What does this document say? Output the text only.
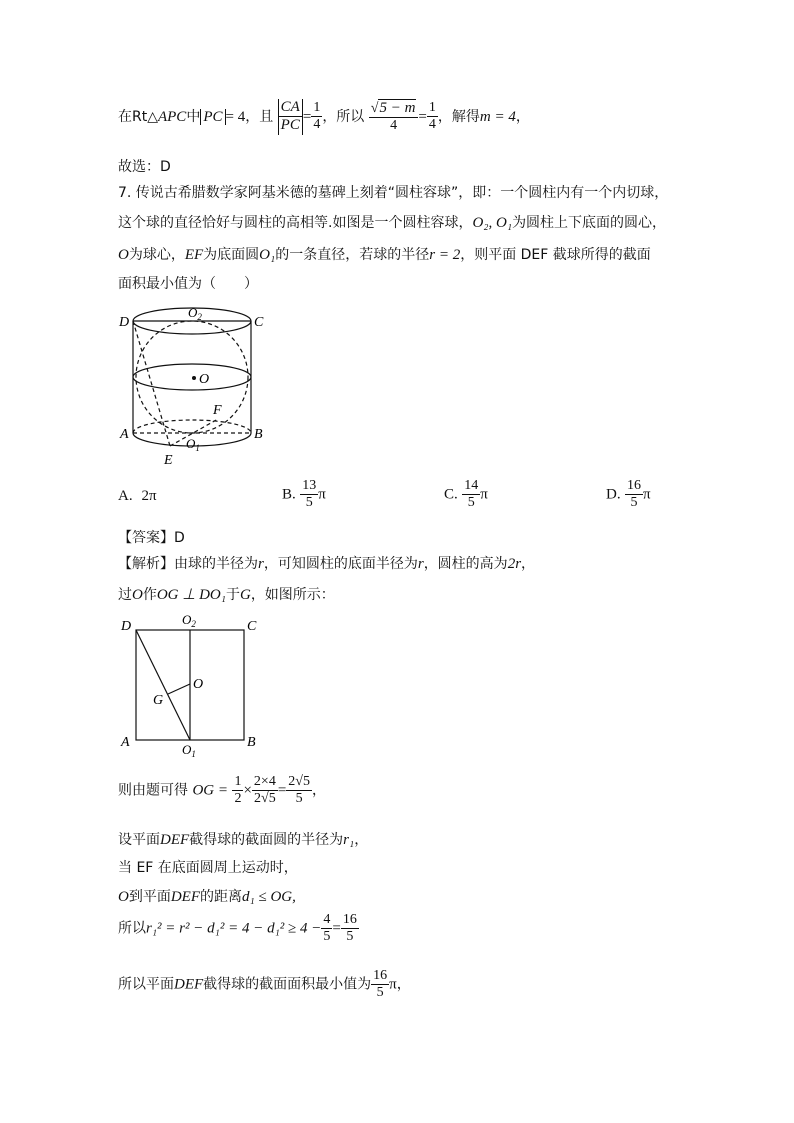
在Rt△APC中 PC = 4，且 $\frac{CA}{PC} = \frac{1}{4}$ ，所以 $\frac{√5 - m}{4} = \frac{1}{4}$ ，解得m = 4，
故选：D
7. 传说古希腊数学家阿基米德的墓碑上刻着“圆柱容球”，即：一个圆柱内有一个内切球，
这个球的直径恰好与圆柱的高相等.如图是一个圆柱容球，O₂, O₁为圆柱上下底面的圆心，
O为球心，EF为底面圆O₁的一条直径，若球的半径r = 2，则平面 DEF 截球所得的截面
面积最小值为（　　）
D	C
$O_2$
O
F
A	B
$O_1$
E
A. 2π	B. $\frac{13}{5}$ π	C. $\frac{14}{5}$ π	D. $\frac{16}{5}$ π
【答案】D
【解析】由球的半径为r，可知圆柱的底面半径为r，圆柱的高为2r，
过O作OG ⊥ DO₁于G，如图所示：
D	$O_2$	C
O
G
A	$O_1$
B
则由题可得 OG = $\frac{1}{2} \times \frac{2\times 4}{2√5} = \frac{2√5}{5}$ ，
设平面DEF截得球的截面圆的半径为r₁，
当 EF 在底面圆周上运动时，
O到平面DEF的距离d₁ ≤ OG,
所以$r_1^2 = r^2 - d_1^2 = 4 - d_1^2 \ge 4 - \frac{4}{5} = \frac{16}{5}$
所以平面DEF截得球的截面面积最小值为 $\frac{16}{5}$ π，
